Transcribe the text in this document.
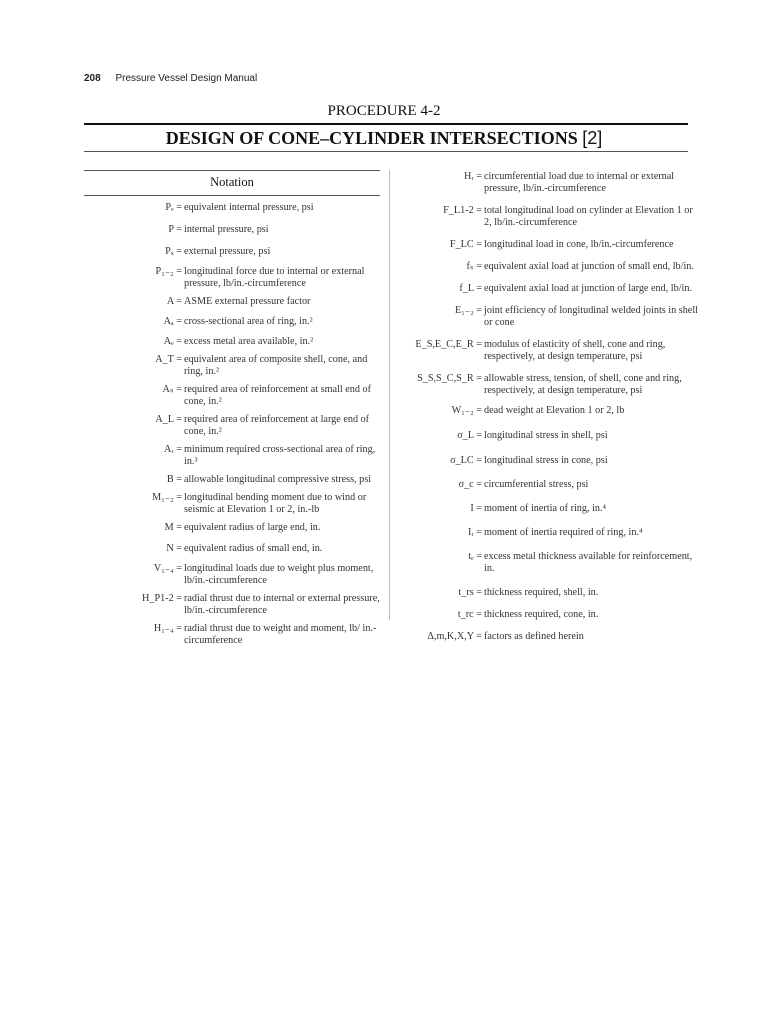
208 Pressure Vessel Design Manual
PROCEDURE 4-2
DESIGN OF CONE–CYLINDER INTERSECTIONS [2]
Notation
Pₑ = equivalent internal pressure, psi
P = internal pressure, psi
Pₓ = external pressure, psi
P₁₋₂ = longitudinal force due to internal or external pressure, lb/in.-circumference
A = ASME external pressure factor
Aₐ = cross-sectional area of ring, in.²
Aₑ = excess metal area available, in.²
A_T = equivalent area of composite shell, cone, and ring, in.²
Aₛ = required area of reinforcement at small end of cone, in.²
A_L = required area of reinforcement at large end of cone, in.²
Aᵣ = minimum required cross-sectional area of ring, in.³
B = allowable longitudinal compressive stress, psi
M₁₋₂ = longitudinal bending moment due to wind or seismic at Elevation 1 or 2, in.-lb
M = equivalent radius of large end, in.
N = equivalent radius of small end, in.
V₁₋₄ = longitudinal loads due to weight plus moment, lb/in.-circumference
H_P1-2 = radial thrust due to internal or external pressure, lb/in.-circumference
H₁₋₄ = radial thrust due to weight and moment, lb/ in.-circumference
Hᵣ = circumferential load due to internal or external pressure, lb/in.-circumference
F_L1-2 = total longitudinal load on cylinder at Elevation 1 or 2, lb/in.-circumference
F_LC = longitudinal load in cone, lb/in.-circumference
fₛ = equivalent axial load at junction of small end, lb/in.
f_L = equivalent axial load at junction of large end, lb/in.
E₁₋₂ = joint efficiency of longitudinal welded joints in shell or cone
E_S,E_C,E_R = modulus of elasticity of shell, cone and ring, respectively, at design temperature, psi
S_S,S_C,S_R = allowable stress, tension, of shell, cone and ring, respectively, at design temperature, psi
W₁₋₂ = dead weight at Elevation 1 or 2, lb
σ_L = longitudinal stress in shell, psi
σ_LC = longitudinal stress in cone, psi
σ_c = circumferential stress, psi
I = moment of inertia of ring, in.⁴
Iᵣ = moment of inertia required of ring, in.⁴
tₑ = excess metal thickness available for reinforcement, in.
t_rs = thickness required, shell, in.
t_rc = thickness required, cone, in.
Δ,m,K,X,Y = factors as defined herein
